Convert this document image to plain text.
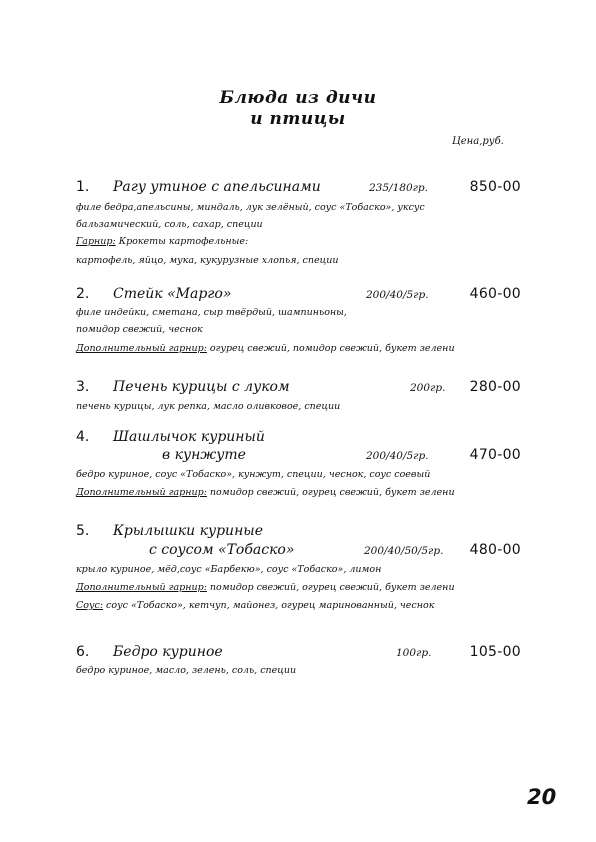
Блюда из дичи
и птицы
Цена,руб.
1. Рагу утиное с апельсинами	235/180гр.	850-00
филе бедра,апельсины, миндаль, лук зелёный, соус «Тобаско», уксус
бальзамический, соль, сахар, специи
Гарнир: Крокеты картофельные:
картофель, яйцо, мука, кукурузные хлопья, специи
2. Стейк «Марго»	200/40/5гр.	460-00
филе индейки, сметана, сыр твёрдый, шампиньоны,
помидор свежий, чеснок
Дополнительный гарнир: огурец свежий, помидор свежий, букет зелени
3. Печень курицы с луком	200гр. 280-00
печень курицы, лук репка, масло оливковое, специи
4. Шашлычок куриный
в кунжуте	200/40/5гр.	470-00
бедро куриное, соус «Тобаско», кунжут, специи, чеснок, соус соевый
Дополнительный гарнир: помидор свежий, огурец свежий, букет зелени
5. Крылышки куриные
с соусом «Тобаско»	200/40/50/5гр. 480-00
крыло куриное, мёд,соус «Барбекю», соус «Тобаско», лимон
Дополнительный гарнир: помидор свежий, огурец свежий, букет зелени
Соус: соус «Тобаско», кетчуп, майонез, огурец маринованный, чеснок
6. Бедро куриное	100гр.	105-00
бедро куриное, масло, зелень, соль, специи
20
